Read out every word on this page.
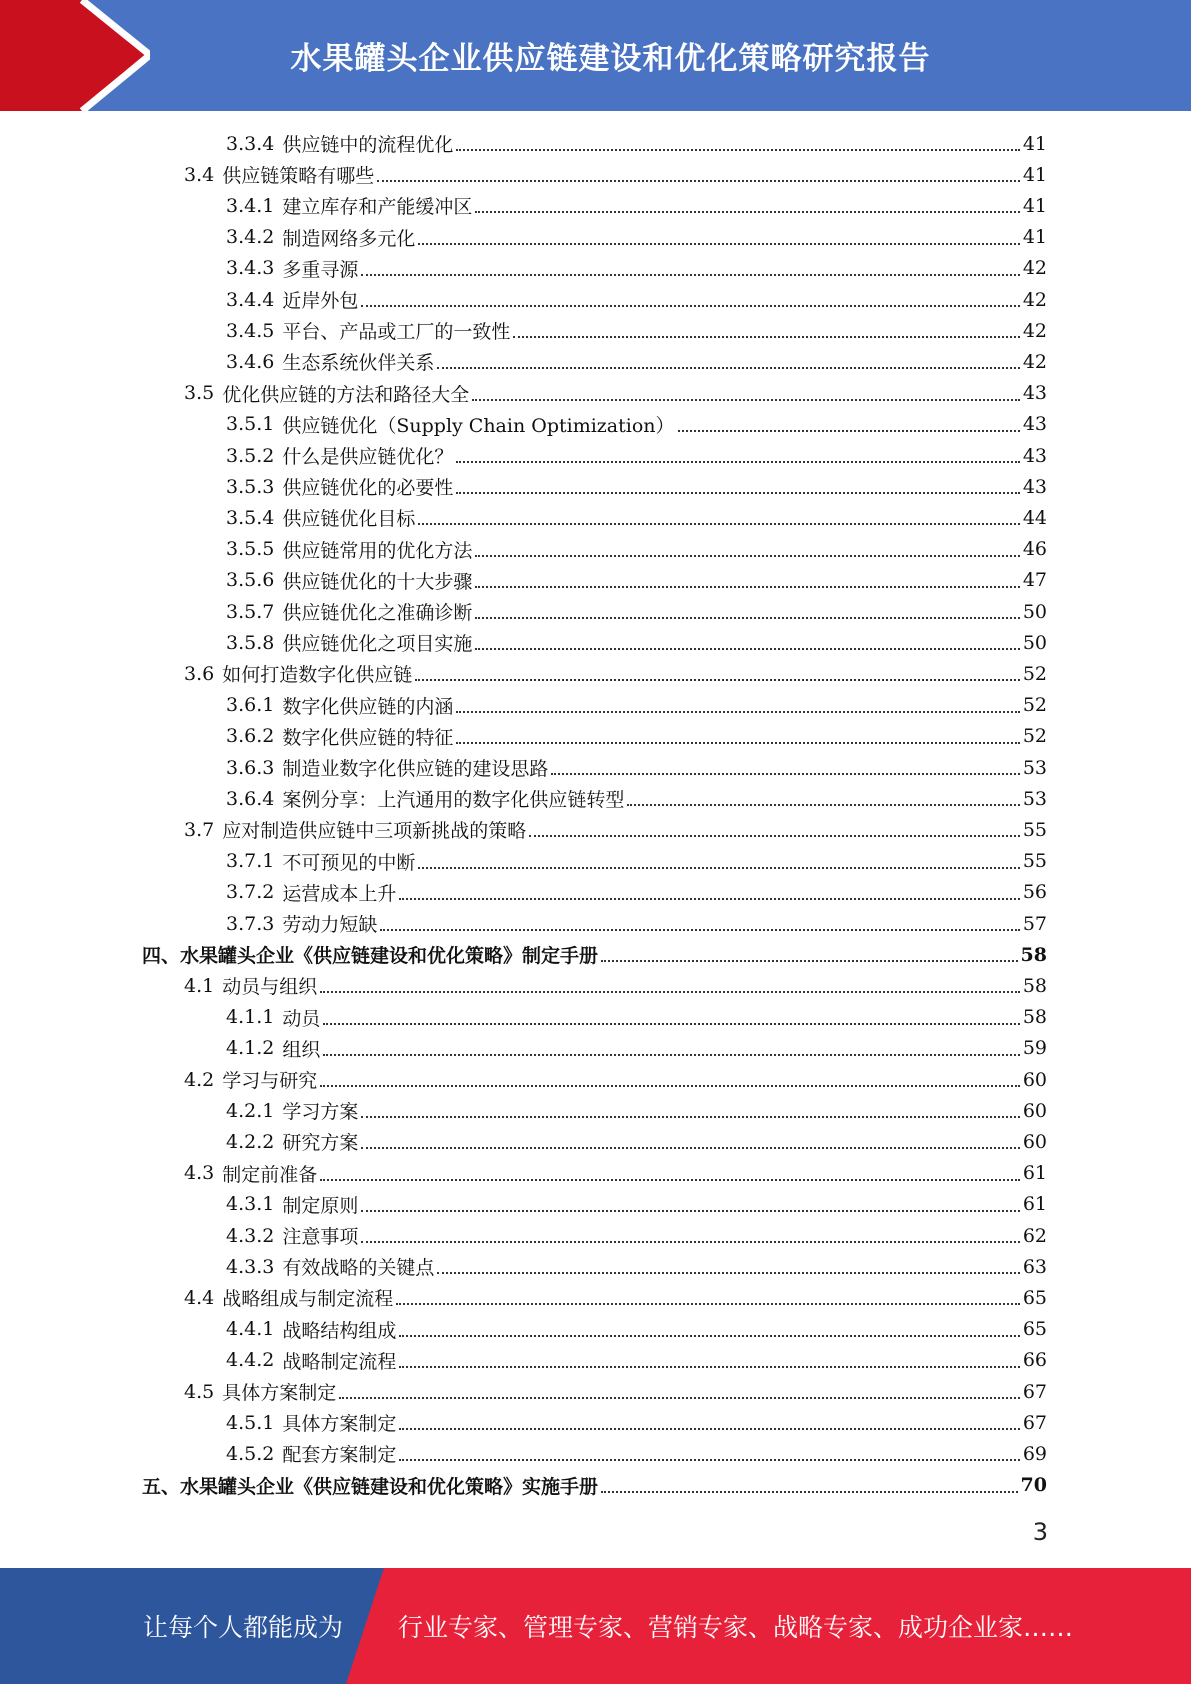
水果罐头企业供应链建设和优化策略研究报告
3.3.4 供应链中的流程优化	41
3.4 供应链策略有哪些	41
3.4.1 建立库存和产能缓冲区	41
3.4.2 制造网络多元化	41
3.4.3 多重寻源	42
3.4.4 近岸外包	42
3.4.5 平台、产品或工厂的一致性	42
3.4.6 生态系统伙伴关系	42
3.5 优化供应链的方法和路径大全	43
3.5.1 供应链优化（Supply Chain Optimization）	43
3.5.2 什么是供应链优化？	43
3.5.3 供应链优化的必要性	43
3.5.4 供应链优化目标	44
3.5.5 供应链常用的优化方法	46
3.5.6 供应链优化的十大步骤	47
3.5.7 供应链优化之准确诊断	50
3.5.8 供应链优化之项目实施	50
3.6 如何打造数字化供应链	52
3.6.1 数字化供应链的内涵	52
3.6.2 数字化供应链的特征	52
3.6.3 制造业数字化供应链的建设思路	53
3.6.4 案例分享：上汽通用的数字化供应链转型	53
3.7 应对制造供应链中三项新挑战的策略	55
3.7.1 不可预见的中断	55
3.7.2 运营成本上升	56
3.7.3 劳动力短缺	57
四、水果罐头企业《供应链建设和优化策略》制定手册	58
4.1 动员与组织	58
4.1.1 动员	58
4.1.2 组织	59
4.2 学习与研究	60
4.2.1 学习方案	60
4.2.2 研究方案	60
4.3 制定前准备	61
4.3.1 制定原则	61
4.3.2 注意事项	62
4.3.3 有效战略的关键点	63
4.4 战略组成与制定流程	65
4.4.1 战略结构组成	65
4.4.2 战略制定流程	66
4.5 具体方案制定	67
4.5.1 具体方案制定	67
4.5.2 配套方案制定	69
五、水果罐头企业《供应链建设和优化策略》实施手册	70
3
让每个人都能成为 行业专家、管理专家、营销专家、战略专家、成功企业家……
